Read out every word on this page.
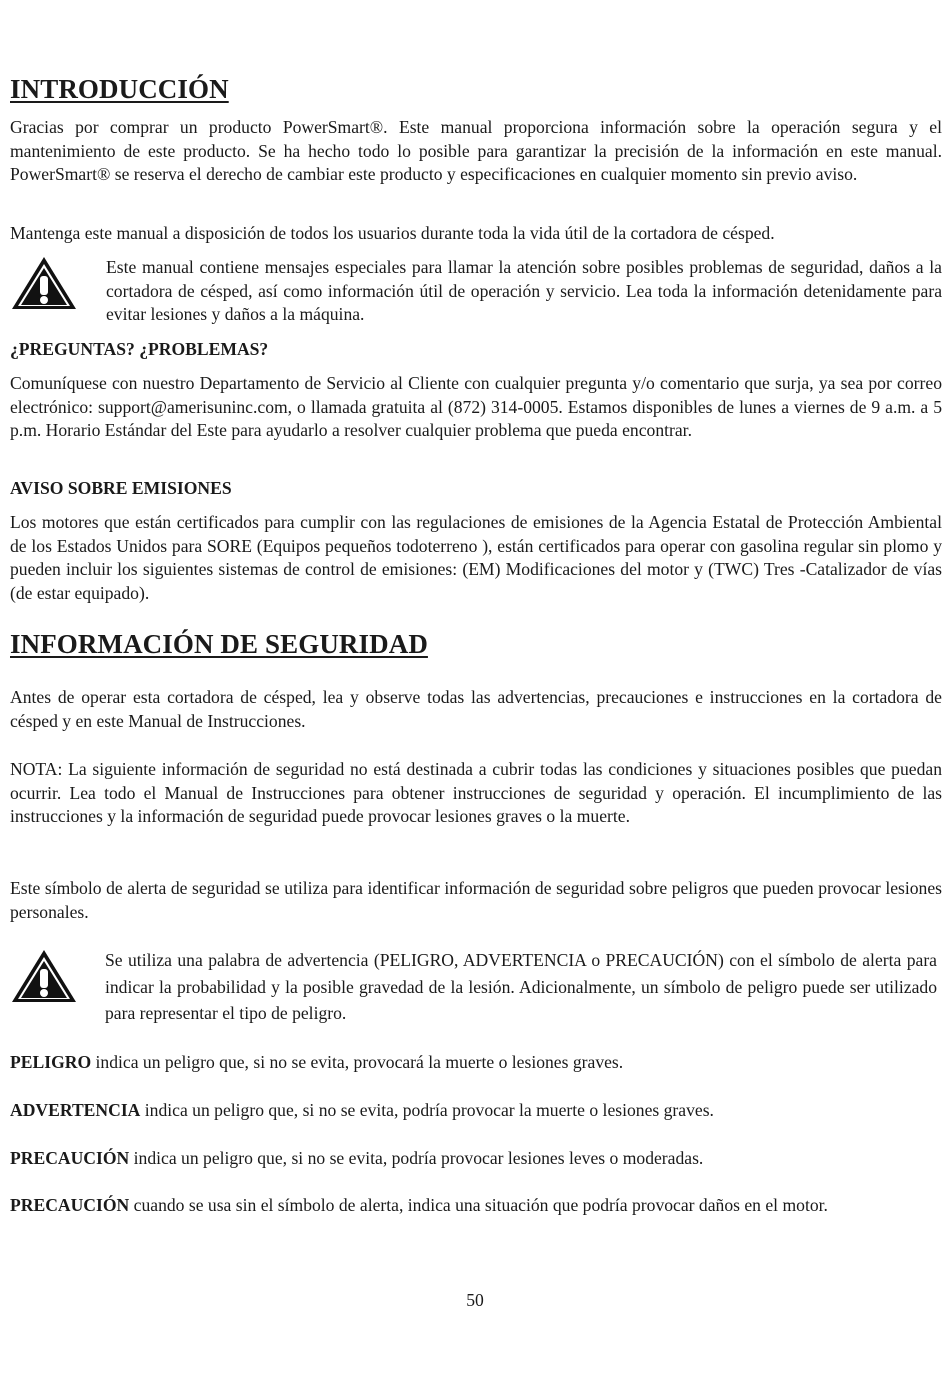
INTRODUCCIÓN

Gracias por comprar un producto PowerSmart®. Este manual proporciona información sobre la operación segura y el mantenimiento de este producto. Se ha hecho todo lo posible para garantizar la precisión de la información en este manual. PowerSmart® se reserva el derecho de cambiar este producto y especificaciones en cualquier momento sin previo aviso.

Mantenga este manual a disposición de todos los usuarios durante toda la vida útil de la cortadora de césped.

Este manual contiene mensajes especiales para llamar la atención sobre posibles problemas de seguridad, daños a la cortadora de césped, así como información útil de operación y servicio. Lea toda la información detenidamente para evitar lesiones y daños a la máquina.
¿PREGUNTAS? ¿PROBLEMAS?

Comuníquese con nuestro Departamento de Servicio al Cliente con cualquier pregunta y/o comentario que surja, ya sea por correo electrónico: support@amerisuninc.com, o llamada gratuita al (872) 314-0005. Estamos disponibles de lunes a viernes de 9 a.m. a 5 p.m. Horario Estándar del Este para ayudarlo a resolver cualquier problema que pueda encontrar.

AVISO SOBRE EMISIONES

Los motores que están certificados para cumplir con las regulaciones de emisiones de la Agencia Estatal de Protección Ambiental de los Estados Unidos para SORE (Equipos pequeños todoterreno ), están certificados para operar con gasolina regular sin plomo y pueden incluir los siguientes sistemas de control de emisiones: (EM) Modificaciones del motor y (TWC) Tres -Catalizador de vías (de estar equipado).

INFORMACIÓN DE SEGURIDAD

Antes de operar esta cortadora de césped, lea y observe todas las advertencias, precauciones e instrucciones en la cortadora de césped y en este Manual de Instrucciones.

NOTA: La siguiente información de seguridad no está destinada a cubrir todas las condiciones y situaciones posibles que puedan ocurrir. Lea todo el Manual de Instrucciones para obtener instrucciones de seguridad y operación. El incumplimiento de las instrucciones y la información de seguridad puede provocar lesiones graves o la muerte.

Este símbolo de alerta de seguridad se utiliza para identificar información de seguridad sobre peligros que pueden provocar lesiones personales.

Se utiliza una palabra de advertencia (PELIGRO, ADVERTENCIA o PRECAUCIÓN) con el símbolo de alerta para indicar la probabilidad y la posible gravedad de la lesión. Adicionalmente, un símbolo de peligro puede ser utilizado para representar el tipo de peligro.

PELIGRO indica un peligro que, si no se evita, provocará la muerte o lesiones graves.

ADVERTENCIA indica un peligro que, si no se evita, podría provocar la muerte o lesiones graves.

PRECAUCIÓN indica un peligro que, si no se evita, podría provocar lesiones leves o moderadas.

PRECAUCIÓN cuando se usa sin el símbolo de alerta, indica una situación que podría provocar daños en el motor.

50
